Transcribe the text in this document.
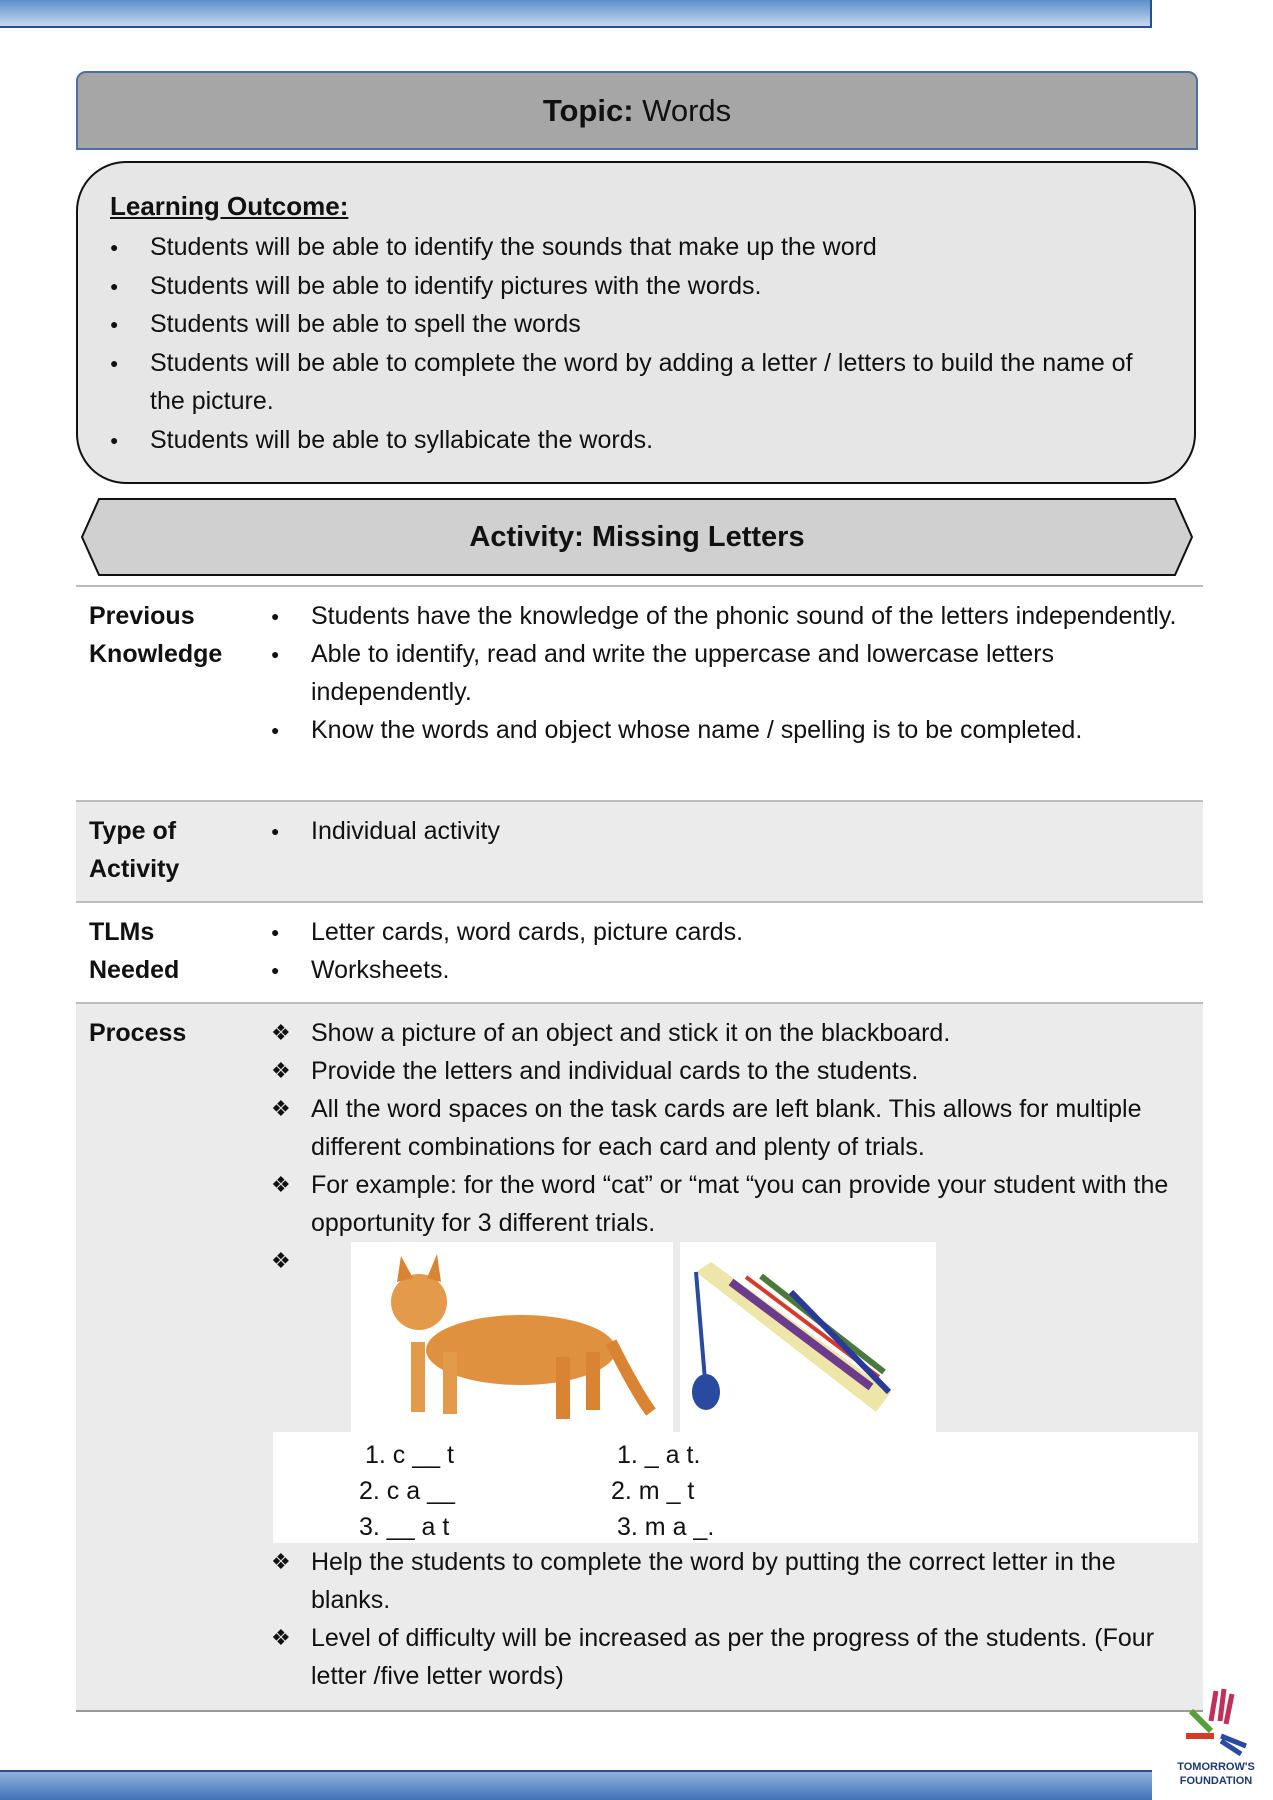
Topic:
Words
Learning Outcome:
● Students will be able to identify the sounds that make up the word
● Students will be able to identify pictures with the words.
● Students will be able to spell the words
● Students will be able to complete the word by adding a letter / letters to build the name of the picture.
● Students will be able to syllabicate the words.
Activity: Missing Letters
Previous Knowledge
● Students have the knowledge of the phonic sound of the letters independently.
● Able to identify, read and write the uppercase and lowercase letters independently.
● Know the words and object whose name / spelling is to be completed.
Type of Activity
● Individual activity
TLMs Needed
● Letter cards, word cards, picture cards.
● Worksheets.
Process	❖ Show a picture of an object and stick it on the blackboard.
❖ Provide the letters and individual cards to the students.
❖ All the word spaces on the task cards are left blank. This allows for multiple different combinations for each card and plenty of trials.
❖ For example: for the word “cat” or “mat “you can provide your student with the opportunity for 3 different trials.
❖
1. c __ t
2. c a __
3. __ a t
1. _ a t.
2. m _ t
3. m a _.
❖ Help the students to complete the word by putting the correct letter in the blanks.
❖ Level of difficulty will be increased as per the progress of the students. (Four letter /five letter words)
TOMORROW'S
FOUNDATION
